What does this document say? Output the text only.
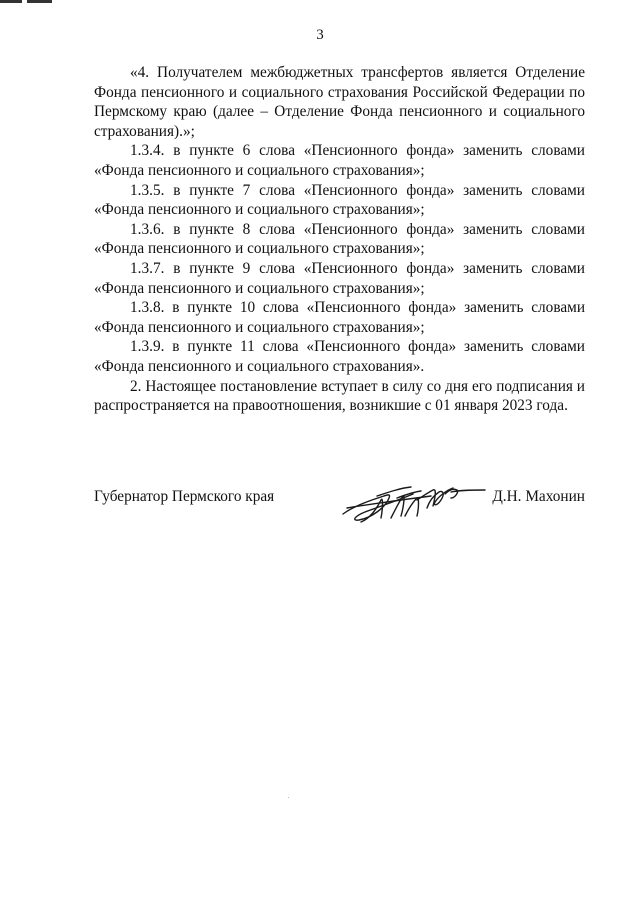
3

«4. Получателем межбюджетных трансфертов является Отделение Фонда пенсионного и социального страхования Российской Федерации по Пермскому краю (далее – Отделение Фонда пенсионного и социального страхования).»;

1.3.4. в пункте 6 слова «Пенсионного фонда» заменить словами «Фонда пенсионного и социального страхования»;

1.3.5. в пункте 7 слова «Пенсионного фонда» заменить словами «Фонда пенсионного и социального страхования»;

1.3.6. в пункте 8 слова «Пенсионного фонда» заменить словами «Фонда пенсионного и социального страхования»;

1.3.7. в пункте 9 слова «Пенсионного фонда» заменить словами «Фонда пенсионного и социального страхования»;

1.3.8. в пункте 10 слова «Пенсионного фонда» заменить словами «Фонда пенсионного и социального страхования»;

1.3.9. в пункте 11 слова «Пенсионного фонда» заменить словами «Фонда пенсионного и социального страхования».

2. Настоящее постановление вступает в силу со дня его подписания и распространяется на правоотношения, возникшие с 01 января 2023 года.

Губернатор Пермского края	Д.Н. Махонин
